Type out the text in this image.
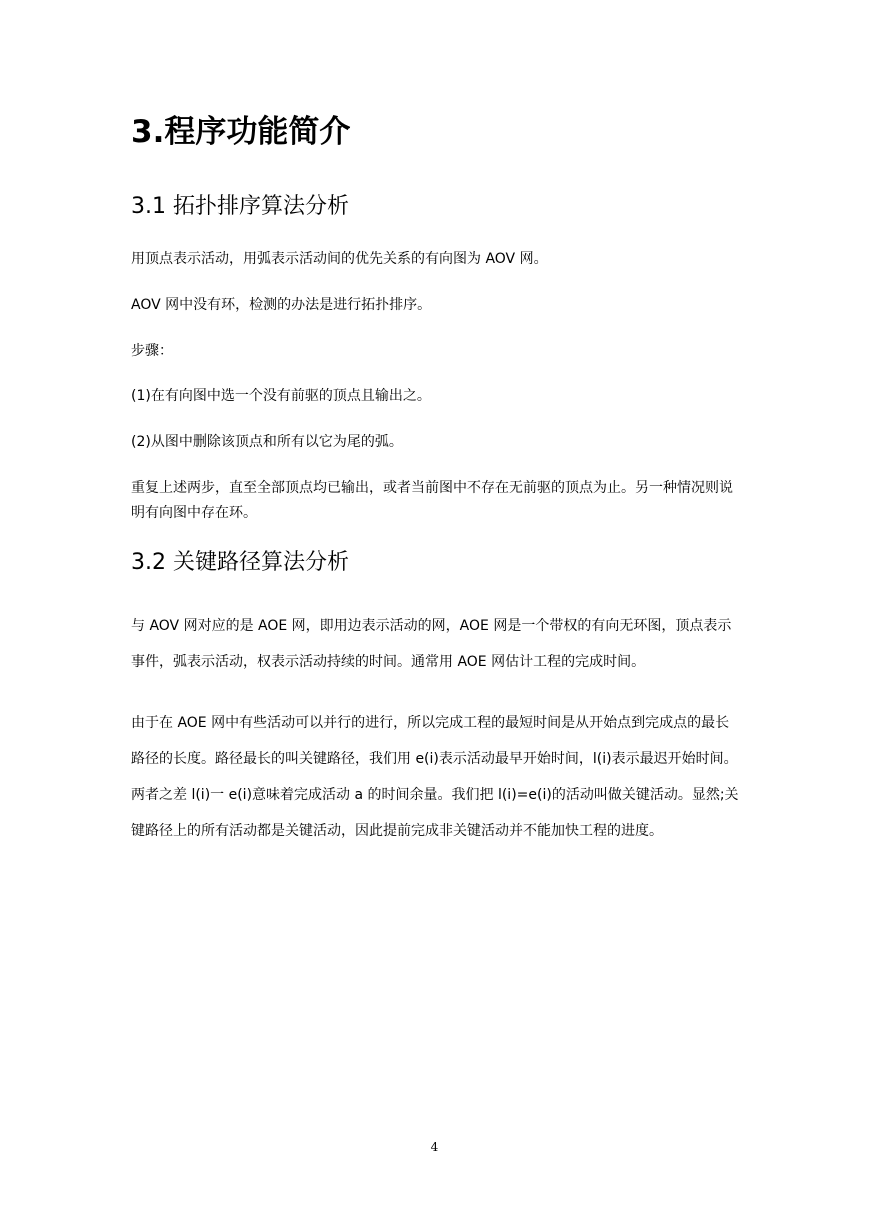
3.程序功能简介
3.1 拓扑排序算法分析

用顶点表示活动，用弧表示活动间的优先关系的有向图为 AOV 网。

AOV 网中没有环，检测的办法是进行拓扑排序。

步骤：

(1)在有向图中选一个没有前驱的顶点且输出之。

(2)从图中删除该顶点和所有以它为尾的弧。

重复上述两步，直至全部顶点均已输出，或者当前图中不存在无前驱的顶点为止。另一种情况则说明有向图中存在环。

3.2 关键路径算法分析

与 AOV 网对应的是 AOE 网，即用边表示活动的网，AOE 网是一个带权的有向无环图，顶点表示事件，弧表示活动，权表示活动持续的时间。通常用 AOE 网估计工程的完成时间。

由于在 AOE 网中有些活动可以并行的进行，所以完成工程的最短时间是从开始点到完成点的最长路径的长度。路径最长的叫关键路径，我们用 e(i)表示活动最早开始时间，l(i)表示最迟开始时间。两者之差 l(i)一 e(i)意味着完成活动 a 的时间余量。我们把 l(i)=e(i)的活动叫做关键活动。显然;关键路径上的所有活动都是关键活动，因此提前完成非关键活动并不能加快工程的进度。

4
